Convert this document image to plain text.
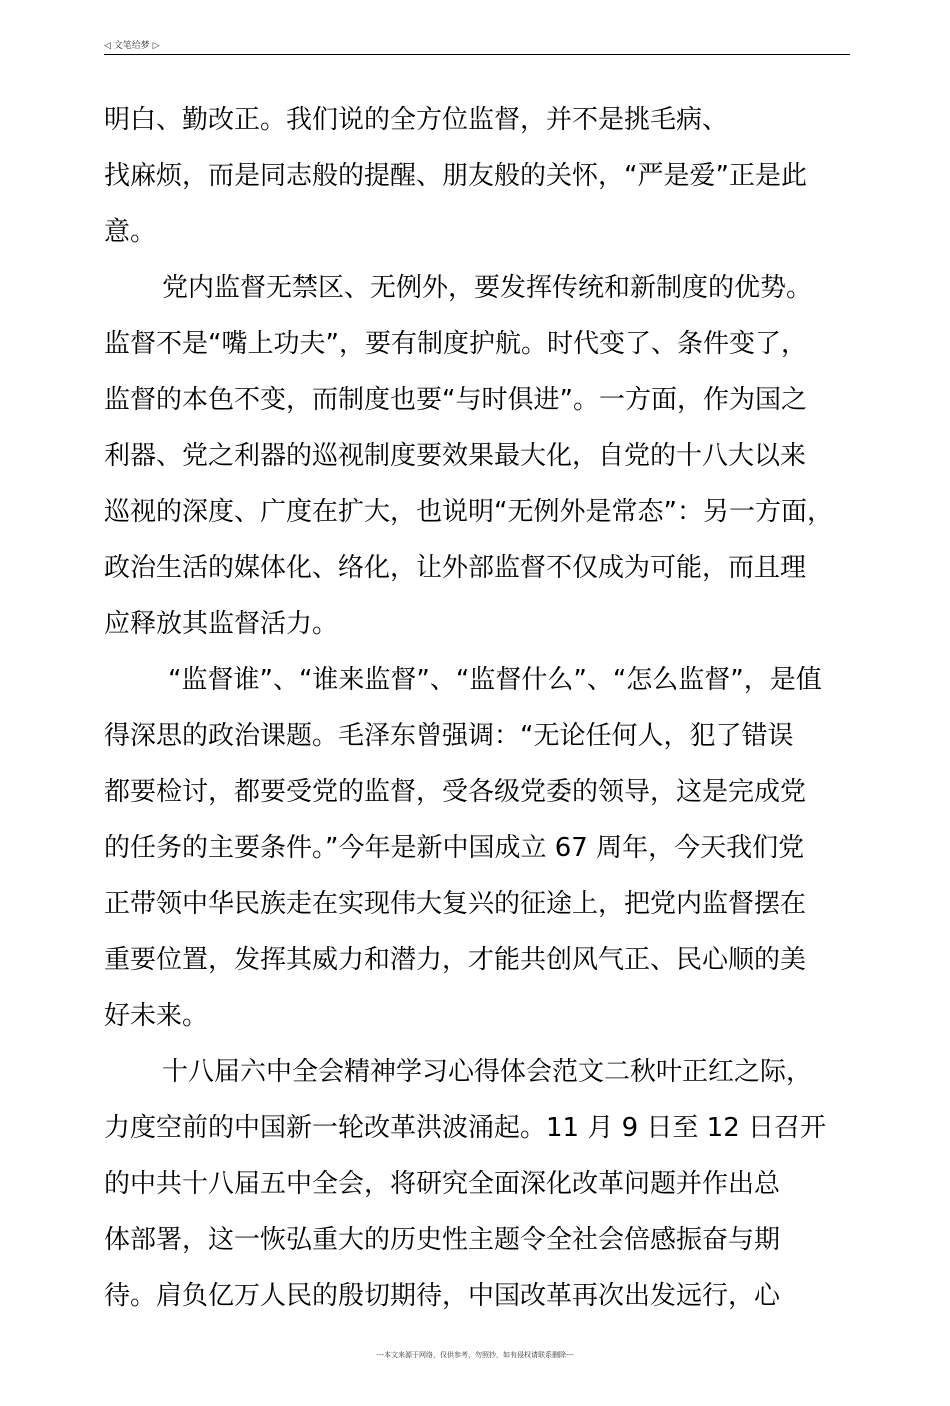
◁ 文笔给梦 ▷
明白、勤改正。我们说的全方位监督，并不是挑毛病、
找麻烦，而是同志般的提醒、朋友般的关怀，“严是爱”正是此
意。
党内监督无禁区、无例外，要发挥传统和新制度的优势。
监督不是“嘴上功夫”，要有制度护航。时代变了、条件变了，
监督的本色不变，而制度也要“与时俱进”。一方面，作为国之
利器、党之利器的巡视制度要效果最大化，自党的十八大以来
巡视的深度、广度在扩大，也说明“无例外是常态”：另一方面，
政治生活的媒体化、络化，让外部监督不仅成为可能，而且理
应释放其监督活力。
“监督谁”、“谁来监督”、“监督什么”、“怎么监督”，是值
得深思的政治课题。毛泽东曾强调：“无论任何人，犯了错误
都要检讨，都要受党的监督，受各级党委的领导，这是完成党
的任务的主要条件。”今年是新中国成立 67 周年，今天我们党
正带领中华民族走在实现伟大复兴的征途上，把党内监督摆在
重要位置，发挥其威力和潜力，才能共创风气正、民心顺的美
好未来。
十八届六中全会精神学习心得体会范文二秋叶正红之际，
力度空前的中国新一轮改革洪波涌起。11 月 9 日至 12 日召开
的中共十八届五中全会，将研究全面深化改革问题并作出总
体部署，这一恢弘重大的历史性主题令全社会倍感振奋与期
待。肩负亿万人民的殷切期待，中国改革再次出发远行，心
---本文来源于网络，仅供参考，勿照抄，如有侵权请联系删除---
